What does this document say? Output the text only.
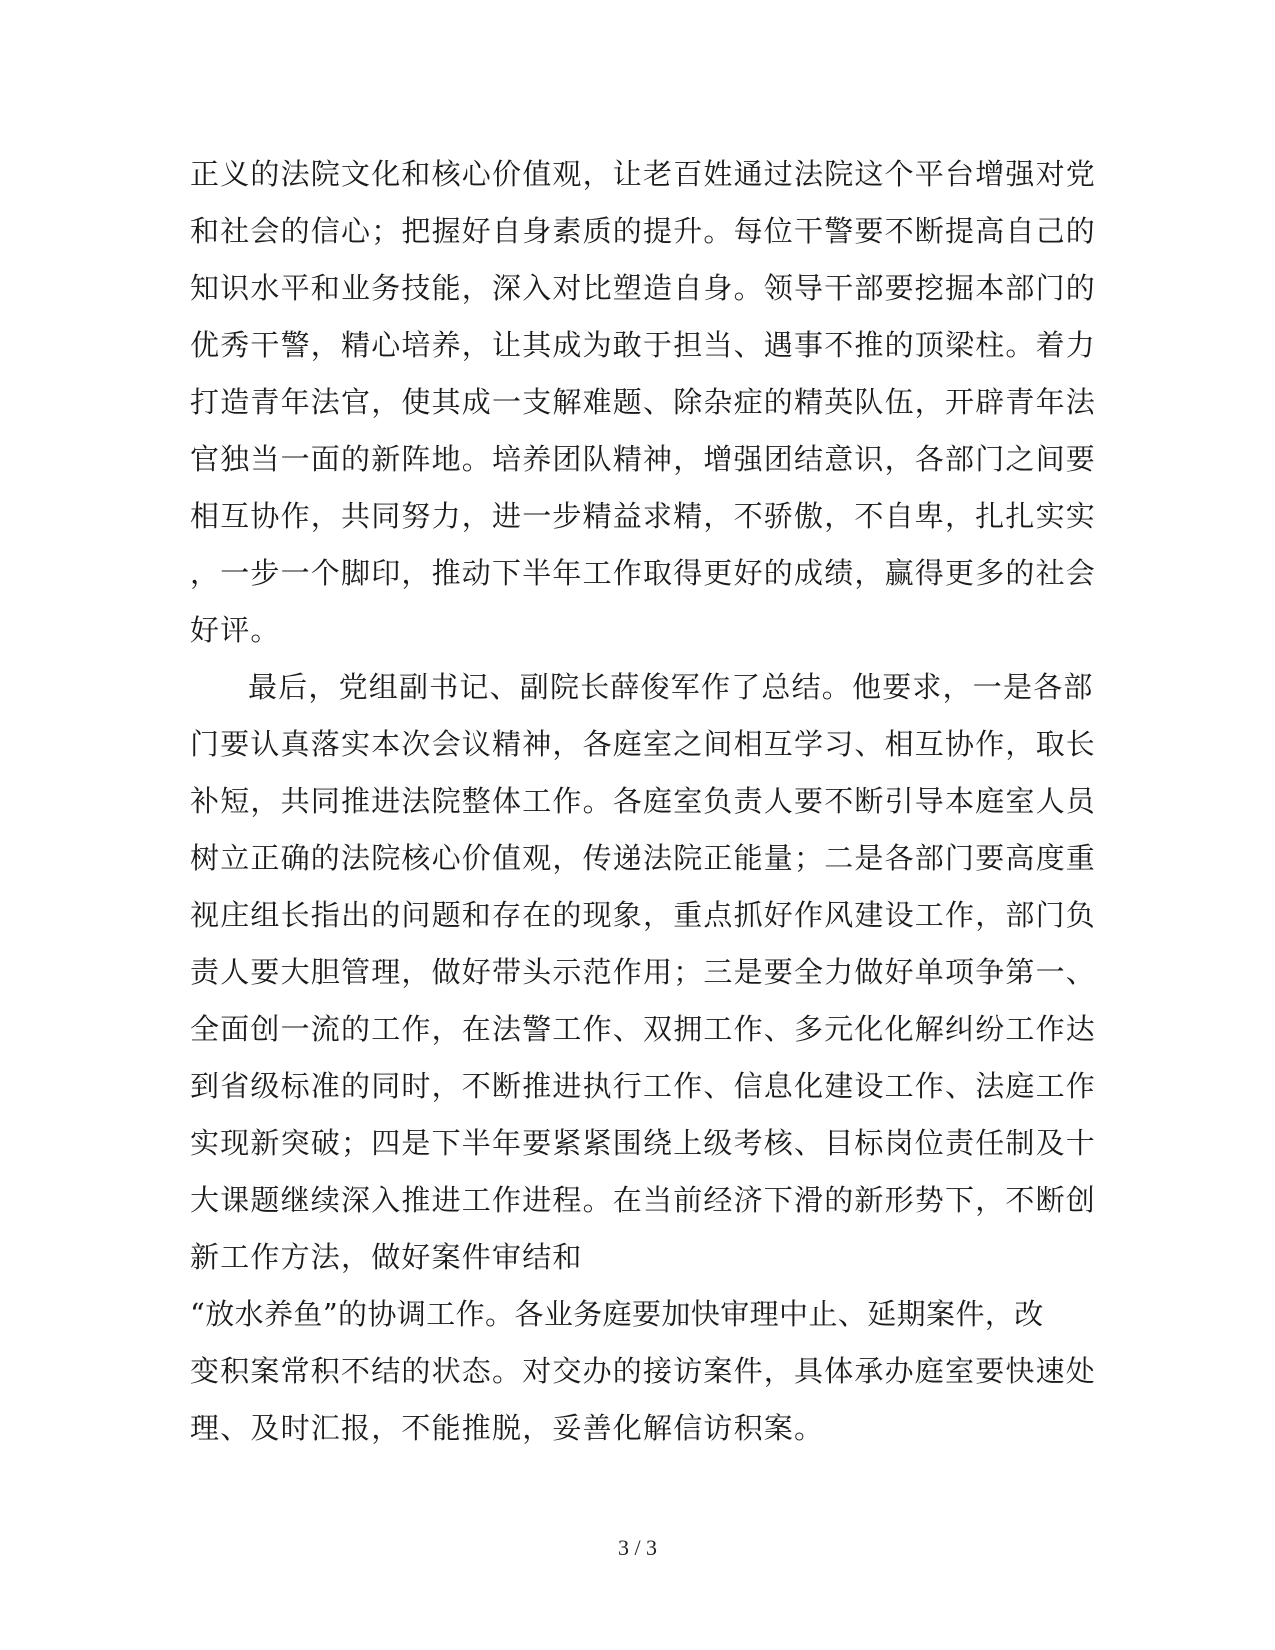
正义的法院文化和核心价值观，让老百姓通过法院这个平台增强对党
和社会的信心；把握好自身素质的提升。每位干警要不断提高自己的
知识水平和业务技能，深入对比塑造自身。领导干部要挖掘本部门的
优秀干警，精心培养，让其成为敢于担当、遇事不推的顶梁柱。着力
打造青年法官，使其成一支解难题、除杂症的精英队伍，开辟青年法
官独当一面的新阵地。培养团队精神，增强团结意识，各部门之间要
相互协作，共同努力，进一步精益求精，不骄傲，不自卑，扎扎实实
，一步一个脚印，推动下半年工作取得更好的成绩，赢得更多的社会
好评。
最后，党组副书记、副院长薛俊军作了总结。他要求，一是各部
门要认真落实本次会议精神，各庭室之间相互学习、相互协作，取长
补短，共同推进法院整体工作。各庭室负责人要不断引导本庭室人员
树立正确的法院核心价值观，传递法院正能量；二是各部门要高度重
视庄组长指出的问题和存在的现象，重点抓好作风建设工作，部门负
责人要大胆管理，做好带头示范作用；三是要全力做好单项争第一、
全面创一流的工作，在法警工作、双拥工作、多元化化解纠纷工作达
到省级标准的同时，不断推进执行工作、信息化建设工作、法庭工作
实现新突破；四是下半年要紧紧围绕上级考核、目标岗位责任制及十
大课题继续深入推进工作进程。在当前经济下滑的新形势下，不断创
新工作方法，做好案件审结和
“放水养鱼”的协调工作。各业务庭要加快审理中止、延期案件，改
变积案常积不结的状态。对交办的接访案件，具体承办庭室要快速处
理、及时汇报，不能推脱，妥善化解信访积案。
3 / 3
